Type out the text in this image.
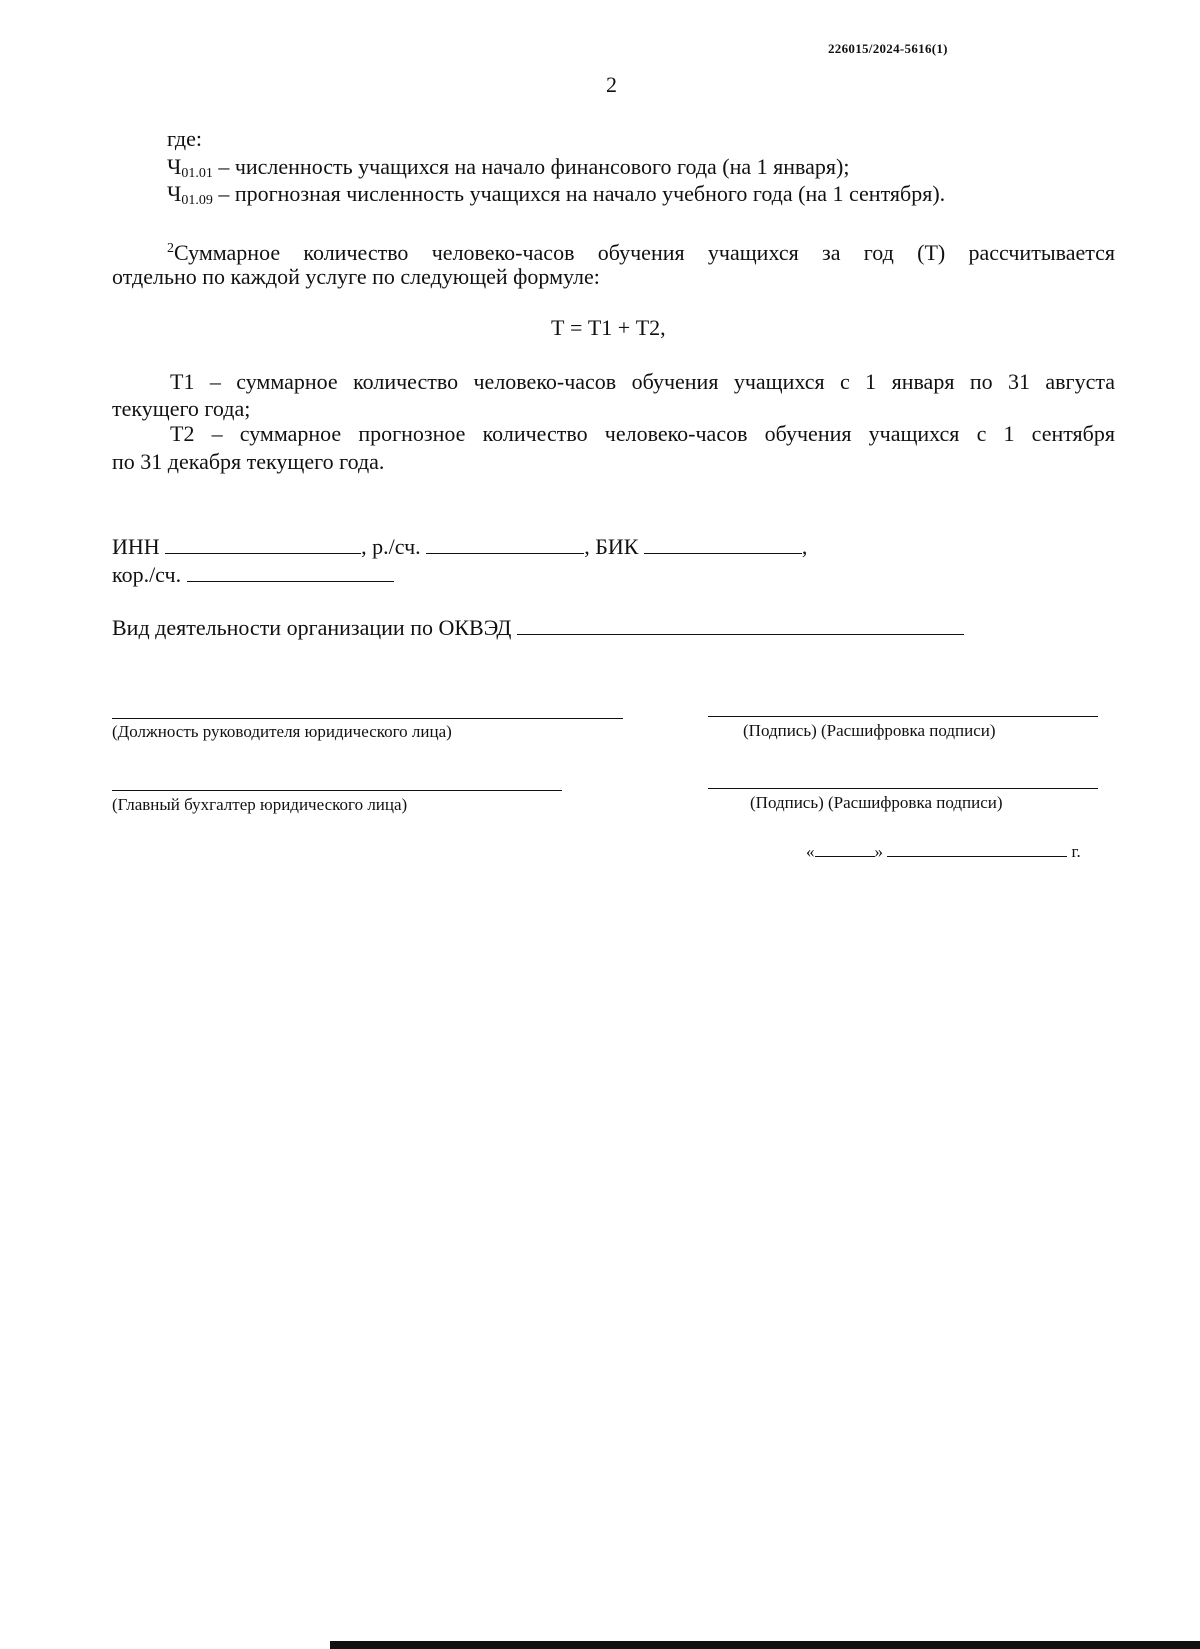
226015/2024-5616(1)
2
где:
$Ч_{01.01}$ – численность учащихся на начало финансового года (на 1 января);
$Ч_{01.09}$ – прогнозная численность учащихся на начало учебного года (на 1 сентября).
$^2$Суммарное количество человеко-часов обучения учащихся за год (Т) рассчитывается
отдельно по каждой услуге по следующей формуле:
Т = Т1 + Т2,
Т1 – суммарное количество человеко-часов обучения учащихся с 1 января по 31 августа
текущего года;
Т2 – суммарное прогнозное количество человеко-часов обучения учащихся с 1 сентября
по 31 декабря текущего года.
ИНН	, р./сч.	, БИК	,
кор./сч.
Вид деятельности организации по ОКВЭД
(Должность руководителя юридического лица)	(Подпись) (Расшифровка подписи)
(Главный бухгалтер юридического лица)	(Подпись) (Расшифровка подписи)
«	»	г.
